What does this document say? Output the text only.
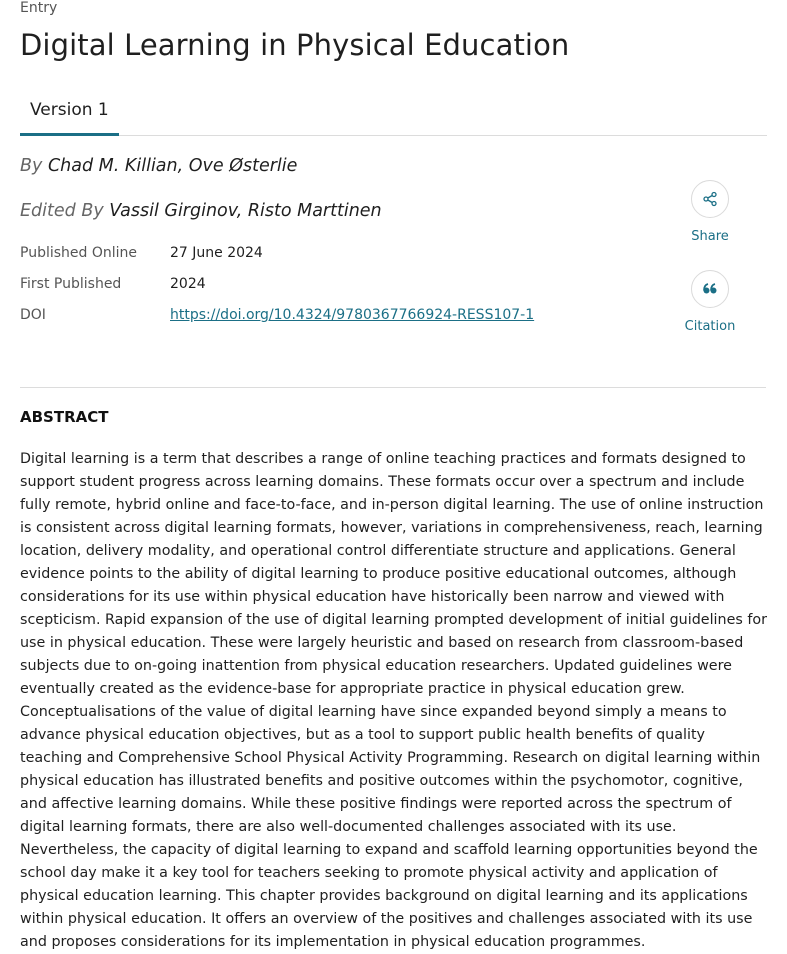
Entry
Digital Learning in Physical Education
Version 1
By Chad M. Killian, Ove Østerlie
Edited By Vassil Girginov, Risto Marttinen
Published Online 27 June 2024
First Published	2024
DOI	https://doi.org/10.4324/9780367766924-RESS107-1
Share
Citation
ABSTRACT

Digital learning is a term that describes a range of online teaching practices and formats designed to support student progress across learning domains. These formats occur over a spectrum and include fully remote, hybrid online and face-to-face, and in-person digital learning. The use of online instruction is consistent across digital learning formats, however, variations in comprehensiveness, reach, learning location, delivery modality, and operational control differentiate structure and applications. General evidence points to the ability of digital learning to produce positive educational outcomes, although considerations for its use within physical education have historically been narrow and viewed with scepticism. Rapid expansion of the use of digital learning prompted development of initial guidelines for use in physical education. These were largely heuristic and based on research from classroom-based subjects due to on-going inattention from physical education researchers. Updated guidelines were eventually created as the evidence-base for appropriate practice in physical education grew. Conceptualisations of the value of digital learning have since expanded beyond simply a means to advance physical education objectives, but as a tool to support public health benefits of quality teaching and Comprehensive School Physical Activity Programming. Research on digital learning within physical education has illustrated benefits and positive outcomes within the psychomotor, cognitive, and affective learning domains. While these positive findings were reported across the spectrum of digital learning formats, there are also well-documented challenges associated with its use. Nevertheless, the capacity of digital learning to expand and scaffold learning opportunities beyond the school day make it a key tool for teachers seeking to promote physical activity and application of physical education learning. This chapter provides background on digital learning and its applications within physical education. It offers an overview of the positives and challenges associated with its use and proposes considerations for its implementation in physical education programmes.
